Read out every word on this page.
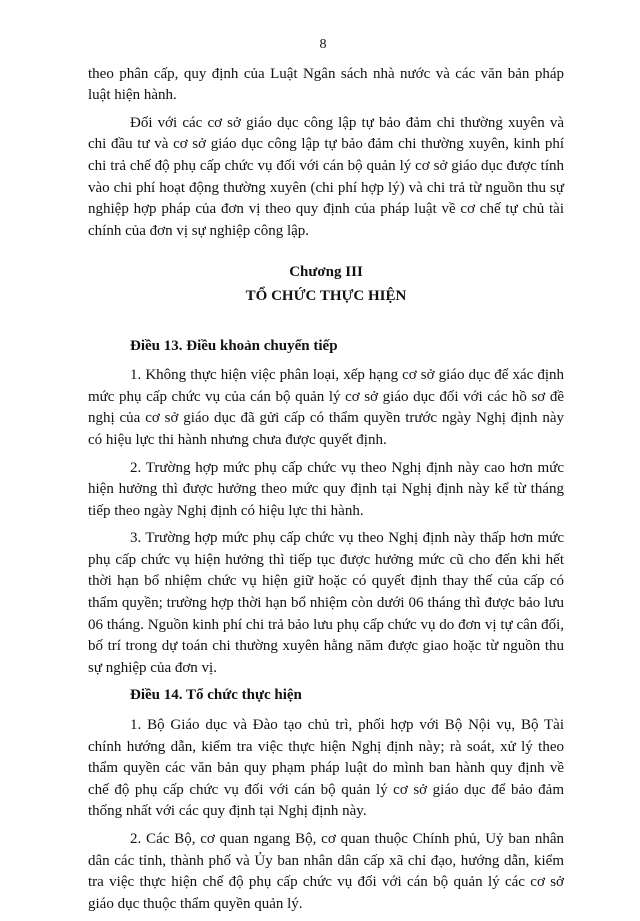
8

theo phân cấp, quy định của Luật Ngân sách nhà nước và các văn bản pháp luật hiện hành.

Đối với các cơ sở giáo dục công lập tự bảo đảm chi thường xuyên và chi đầu tư và cơ sở giáo dục công lập tự bảo đảm chi thường xuyên, kinh phí chi trả chế độ phụ cấp chức vụ đối với cán bộ quản lý cơ sở giáo dục được tính vào chi phí hoạt động thường xuyên (chi phí hợp lý) và chi trả từ nguồn thu sự nghiệp hợp pháp của đơn vị theo quy định của pháp luật về cơ chế tự chủ tài chính của đơn vị sự nghiệp công lập.

Chương III
TỔ CHỨC THỰC HIỆN
Điều 13. Điều khoản chuyển tiếp

1. Không thực hiện việc phân loại, xếp hạng cơ sở giáo dục để xác định mức phụ cấp chức vụ của cán bộ quản lý cơ sở giáo dục đối với các hồ sơ đề nghị của cơ sở giáo dục đã gửi cấp có thẩm quyền trước ngày Nghị định này có hiệu lực thi hành nhưng chưa được quyết định.

2. Trường hợp mức phụ cấp chức vụ theo Nghị định này cao hơn mức hiện hưởng thì được hưởng theo mức quy định tại Nghị định này kể từ tháng tiếp theo ngày Nghị định có hiệu lực thi hành.

3. Trường hợp mức phụ cấp chức vụ theo Nghị định này thấp hơn mức phụ cấp chức vụ hiện hưởng thì tiếp tục được hưởng mức cũ cho đến khi hết thời hạn bổ nhiệm chức vụ hiện giữ hoặc có quyết định thay thế của cấp có thẩm quyền; trường hợp thời hạn bổ nhiệm còn dưới 06 tháng thì được bảo lưu 06 tháng. Nguồn kinh phí chi trả bảo lưu phụ cấp chức vụ do đơn vị tự cân đối, bố trí trong dự toán chi thường xuyên hằng năm được giao hoặc từ nguồn thu sự nghiệp của đơn vị.

Điều 14. Tổ chức thực hiện

1. Bộ Giáo dục và Đào tạo chủ trì, phối hợp với Bộ Nội vụ, Bộ Tài chính hướng dẫn, kiểm tra việc thực hiện Nghị định này; rà soát, xử lý theo thẩm quyền các văn bản quy phạm pháp luật do mình ban hành quy định về chế độ phụ cấp chức vụ đối với cán bộ quản lý cơ sở giáo dục để bảo đảm thống nhất với các quy định tại Nghị định này.

2. Các Bộ, cơ quan ngang Bộ, cơ quan thuộc Chính phủ, Uỷ ban nhân dân các tỉnh, thành phố và Ủy ban nhân dân cấp xã chỉ đạo, hướng dẫn, kiểm tra việc thực hiện chế độ phụ cấp chức vụ đối với cán bộ quản lý các cơ sở giáo dục thuộc thẩm quyền quản lý.
